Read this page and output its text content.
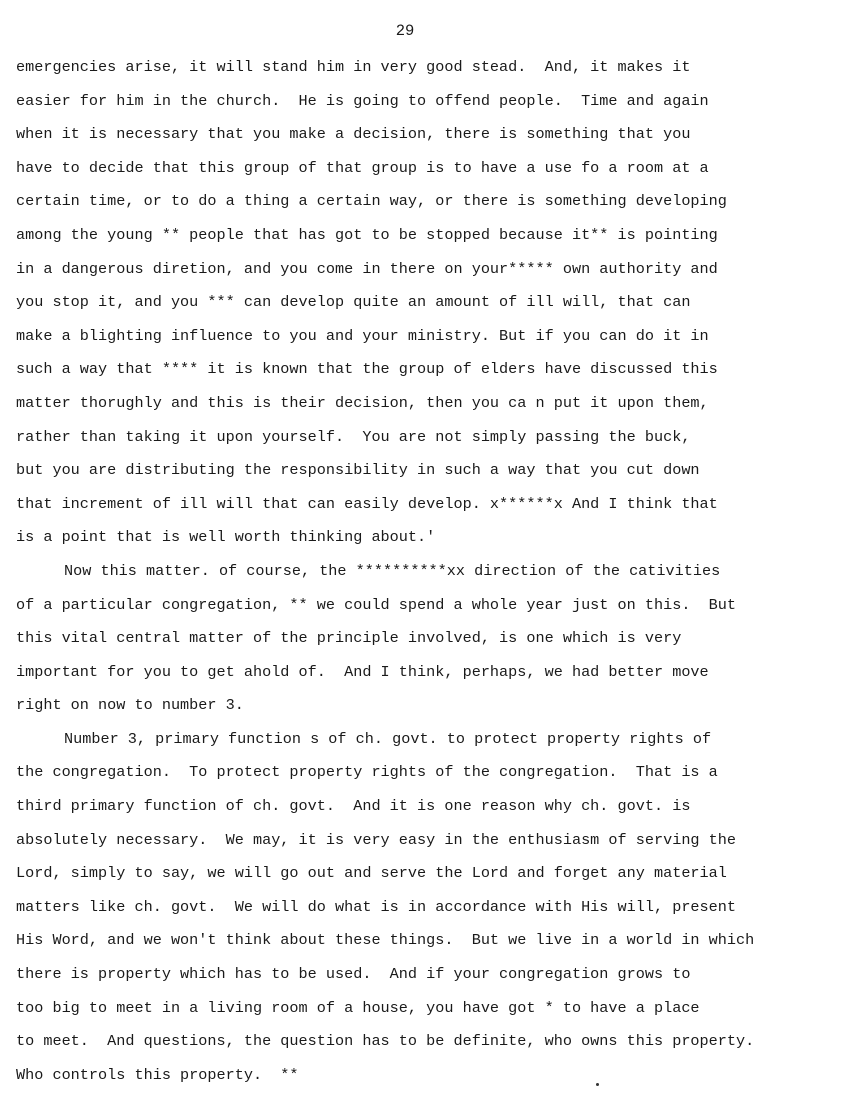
29
emergencies arise, it will stand him in very good stead.  And, it makes it
easier for him in the church.  He is going to offend people.  Time and again
when it is necessary that you make a decision, there is something that you
have to decide that this group of that group is to have a use fo a room at a
certain time, or to do a thing a certain way, or there is something developing
among the young ** people that has got to be stopped because it** is pointing
in a dangerous diretion, and you come in there on your***** own authority and
you stop it, and you *** can develop quite an amount of ill will, that can
make a blighting influence to you and your ministry. But if you can do it in
such a way that **** it is known that the group of elders have discussed this
matter thorughly and this is their decision, then you ca n put it upon them,
rather than taking it upon yourself.  You are not simply passing the buck,
but you are distributing the responsibility in such a way that you cut down
that increment of ill will that can easily develop. x******x And I think that
is a point that is well worth thinking about.'
Now this matter. of course, the **********xx direction of the cativities
of a particular congregation, ** we could spend a whole year just on this.  But
this vital central matter of the principle involved, is one which is very
important for you to get ahold of.  And I think, perhaps, we had better move
right on now to number 3.
Number 3, primary function s of ch. govt. to protect property rights of
the congregation.  To protect property rights of the congregation.  That is a
third primary function of ch. govt.  And it is one reason why ch. govt. is
absolutely necessary.  We may, it is very easy in the enthusiasm of serving the
Lord, simply to say, we will go out and serve the Lord and forget any material
matters like ch. govt.  We will do what is in accordance with His will, present
His Word, and we won't think about these things.  But we live in a world in which
there is property which has to be used.  And if your congregation grows to
too big to meet in a living room of a house, you have got * to have a place
to meet.  And questions, the question has to be definite, who owns this property.
Who controls this property.  **
